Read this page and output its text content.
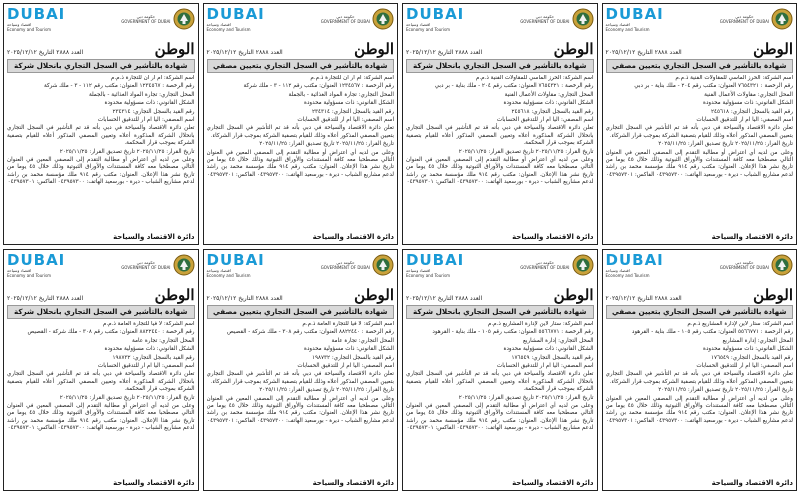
DUBAI
اقتصاد وسياحة
Economy and Tourism
حكومة دبي
GOVERNMENT OF DUBAI
الوطن
العدد ٢٨٨٨ التاريخ ٢٠٢٥/١٢/١٢
شهادة بالتأشير في السجل التجاري بانحلال شركة

اسم الشركة: ام ار ان للتجارة ذ.م.م

رقم الرخصة : ١٢٣٤٥٦٧ العنوان: مكتب رقم ١١٢ - ٣ - ملك شركة

المحل التجاري: تجارة المواد الغذائية - بالجملة

الشكل القانوني: ذات مسؤولية محدودة

رقم القيد بالسجل التجاري: ٢٣٤٣١٤

اسم المصفي: اليا ام ار للتدقيق الحسابات

تعلن دائرة الاقتصاد والسياحة في دبي بأنه قد تم التأشير في السجل التجاري بانحلال الشركة المذكورة أعلاه وتعيين المصفي المذكور أعلاه للقيام بتصفية الشركة بموجب قرار المحكمة.

تاريخ القرار: ٢٠٢٥/١١/٢٥ تاريخ تصديق القرار: ٢٠٢٥/١١/٢٥

وعلى من لديه أي اعتراض أو مطالبة التقدم إلى المصفي المعين في العنوان التالي مصطحبا معه كافة المستندات والأوراق الثبوتية وذلك خلال ٤٥ يوما من تاريخ نشر هذا الإعلان. العنوان: مكتب رقم ٩١٤ ملك مؤسسة محمد بن راشد لدعم مشاريع الشباب - ديرة - بورسعيد الهاتف: ٠٤٣٩٥٧٣٠٠ الفاكس: ٠٤٣٩٥٧٣٠١

دائرة الاقتصاد والسياحة
DUBAI
اقتصاد وسياحة
Economy and Tourism
حكومة دبي
GOVERNMENT OF DUBAI
الوطن
العدد ٢٨٨٨ التاريخ ٢٠٢٥/١٢/١٢
شهادة بالتأشير في السجل التجاري بتعيين مصفي

اسم الشركة: ام ار ان للتجارة ذ.م.م

رقم الرخصة : ١٢٣٤٥٦٧ العنوان: مكتب رقم ١١٢ - ٣ - ملك شركة

المحل التجاري: تجارة المواد الغذائية - بالجملة

الشكل القانوني: ذات مسؤولية محدودة

رقم القيد بالسجل التجاري: ٢٣٤٣١٤

اسم المصفي: اليا ام ار للتدقيق الحسابات

تعلن دائرة الاقتصاد والسياحة في دبي بأنه قد تم التأشير في السجل التجاري بتعيين المصفي المذكور أعلاه وذلك للقيام بتصفية الشركة بموجب قرار الشركاء.

تاريخ القرار: ٢٠٢٥/١١/٢٥ تاريخ تصديق القرار: ٢٠٢٥/١١/٢٥

وعلى من لديه أي اعتراض أو مطالبة التقدم إلى المصفي المعين في العنوان التالي مصطحبا معه كافة المستندات والأوراق الثبوتية وذلك خلال ٤٥ يوما من تاريخ نشر هذا الإعلان. العنوان: مكتب رقم ٩١٤ ملك مؤسسة محمد بن راشد لدعم مشاريع الشباب - ديرة - بورسعيد الهاتف: ٠٤٣٩٥٧٣٠٠ الفاكس: ٠٤٣٩٥٧٣٠١

دائرة الاقتصاد والسياحة
DUBAI
اقتصاد وسياحة
Economy and Tourism
حكومة دبي
GOVERNMENT OF DUBAI
الوطن
العدد ٢٨٨٨ التاريخ ٢٠٢٥/١٢/١٢
شهادة بالتأشير في السجل التجاري بانحلال شركة

اسم الشركة: الحرز الماسي للمقاولات الفنية ذ.م.م

رقم الرخصة : ٧٦٥٤٣٢١ العنوان: مكتب رقم ٢٠٤ - ملك بناية - بر دبي

المحل التجاري: مقاولات الأعمال الفنية

الشكل القانوني: ذات مسؤولية محدودة

رقم القيد بالسجل التجاري: ٢٤٥٦١٨

اسم المصفي: اليا ام ار للتدقيق الحسابات

تعلن دائرة الاقتصاد والسياحة في دبي بأنه قد تم التأشير في السجل التجاري بانحلال الشركة المذكورة أعلاه وتعيين المصفي المذكور أعلاه للقيام بتصفية الشركة بموجب قرار المحكمة.

تاريخ القرار: ٢٠٢٥/١١/٢٥ تاريخ تصديق القرار: ٢٠٢٥/١١/٢٥

وعلى من لديه أي اعتراض أو مطالبة التقدم إلى المصفي المعين في العنوان التالي مصطحبا معه كافة المستندات والأوراق الثبوتية وذلك خلال ٤٥ يوما من تاريخ نشر هذا الإعلان. العنوان: مكتب رقم ٩١٤ ملك مؤسسة محمد بن راشد لدعم مشاريع الشباب - ديرة - بورسعيد الهاتف: ٠٤٣٩٥٧٣٠٠ الفاكس: ٠٤٣٩٥٧٣٠١

دائرة الاقتصاد والسياحة
DUBAI
اقتصاد وسياحة
Economy and Tourism
حكومة دبي
GOVERNMENT OF DUBAI
الوطن
العدد ٢٨٨٨ التاريخ ٢٠٢٥/١٢/١٢
شهادة بالتأشير في السجل التجاري بتعيين مصفي

اسم الشركة: الحرز الماسي للمقاولات الفنية ذ.م.م

رقم الرخصة : ٧٦٥٤٣٢١ العنوان: مكتب رقم ٢٠٤ - ملك بناية - بر دبي

المحل التجاري: مقاولات الأعمال الفنية

الشكل القانوني: ذات مسؤولية محدودة

رقم القيد بالسجل التجاري: ٢٤٥٦١٨

اسم المصفي: اليا ام ار للتدقيق الحسابات

تعلن دائرة الاقتصاد والسياحة في دبي بأنه قد تم التأشير في السجل التجاري بتعيين المصفي المذكور أعلاه وذلك للقيام بتصفية الشركة بموجب قرار الشركاء.

تاريخ القرار: ٢٠٢٥/١١/٢٥ تاريخ تصديق القرار: ٢٠٢٥/١١/٢٥

وعلى من لديه أي اعتراض أو مطالبة التقدم إلى المصفي المعين في العنوان التالي مصطحبا معه كافة المستندات والأوراق الثبوتية وذلك خلال ٤٥ يوما من تاريخ نشر هذا الإعلان. العنوان: مكتب رقم ٩١٤ ملك مؤسسة محمد بن راشد لدعم مشاريع الشباب - ديرة - بورسعيد الهاتف: ٠٤٣٩٥٧٣٠٠ الفاكس: ٠٤٣٩٥٧٣٠١

دائرة الاقتصاد والسياحة
DUBAI
اقتصاد وسياحة
Economy and Tourism
حكومة دبي
GOVERNMENT OF DUBAI
الوطن
العدد ٢٨٨٨ التاريخ ٢٠٢٥/١٢/١٢
شهادة بالتأشير في السجل التجاري بانحلال شركة

اسم الشركة: لا فيا للتجارة العامة ذ.م.م

رقم الرخصة : ٨٨٢٢٤٤٠ العنوان: مكتب رقم ٣٠٨ - ملك شركة - القصيص

المحل التجاري: تجارة عامة

الشكل القانوني: ذات مسؤولية محدودة

رقم القيد بالسجل التجاري: ١٩٨٧٣٢

اسم المصفي: اليا ام ار للتدقيق الحسابات

تعلن دائرة الاقتصاد والسياحة في دبي بأنه قد تم التأشير في السجل التجاري بانحلال الشركة المذكورة أعلاه وتعيين المصفي المذكور أعلاه للقيام بتصفية الشركة بموجب قرار المحكمة.

تاريخ القرار: ٢٠٢٥/١١/٢٥ تاريخ تصديق القرار: ٢٠٢٥/١١/٢٥

وعلى من لديه أي اعتراض أو مطالبة التقدم إلى المصفي المعين في العنوان التالي مصطحبا معه كافة المستندات والأوراق الثبوتية وذلك خلال ٤٥ يوما من تاريخ نشر هذا الإعلان. العنوان: مكتب رقم ٩١٤ ملك مؤسسة محمد بن راشد لدعم مشاريع الشباب - ديرة - بورسعيد الهاتف: ٠٤٣٩٥٧٣٠٠ الفاكس: ٠٤٣٩٥٧٣٠١

دائرة الاقتصاد والسياحة
DUBAI
اقتصاد وسياحة
Economy and Tourism
حكومة دبي
GOVERNMENT OF DUBAI
الوطن
العدد ٢٨٨٨ التاريخ ٢٠٢٥/١٢/١٢
شهادة بالتأشير في السجل التجاري بتعيين مصفي

اسم الشركة: لا فيا للتجارة العامة ذ.م.م

رقم الرخصة : ٨٨٢٢٤٤٠ العنوان: مكتب رقم ٣٠٨ - ملك شركة - القصيص

المحل التجاري: تجارة عامة

الشكل القانوني: ذات مسؤولية محدودة

رقم القيد بالسجل التجاري: ١٩٨٧٣٢

اسم المصفي: اليا ام ار للتدقيق الحسابات

تعلن دائرة الاقتصاد والسياحة في دبي بأنه قد تم التأشير في السجل التجاري بتعيين المصفي المذكور أعلاه وذلك للقيام بتصفية الشركة بموجب قرار الشركاء.

تاريخ القرار: ٢٠٢٥/١١/٢٥ تاريخ تصديق القرار: ٢٠٢٥/١١/٢٥

وعلى من لديه أي اعتراض أو مطالبة التقدم إلى المصفي المعين في العنوان التالي مصطحبا معه كافة المستندات والأوراق الثبوتية وذلك خلال ٤٥ يوما من تاريخ نشر هذا الإعلان. العنوان: مكتب رقم ٩١٤ ملك مؤسسة محمد بن راشد لدعم مشاريع الشباب - ديرة - بورسعيد الهاتف: ٠٤٣٩٥٧٣٠٠ الفاكس: ٠٤٣٩٥٧٣٠١

دائرة الاقتصاد والسياحة
DUBAI
اقتصاد وسياحة
Economy and Tourism
حكومة دبي
GOVERNMENT OF DUBAI
الوطن
العدد ٢٨٨٨ التاريخ ٢٠٢٥/١٢/١٢
شهادة بالتأشير في السجل التجاري بانحلال شركة

اسم الشركة: ستار لاين لإدارة المشاريع ذ.م.م

رقم الرخصة : ٥٥٦٦٧٧١ العنوان: مكتب رقم ١٠٥ - ملك بناية - القرهود

المحل التجاري: إدارة المشاريع

الشكل القانوني: ذات مسؤولية محدودة

رقم القيد بالسجل التجاري: ١٧٦٥٤٩

اسم المصفي: اليا ام ار للتدقيق الحسابات

تعلن دائرة الاقتصاد والسياحة في دبي بأنه قد تم التأشير في السجل التجاري بانحلال الشركة المذكورة أعلاه وتعيين المصفي المذكور أعلاه للقيام بتصفية الشركة بموجب قرار المحكمة.

تاريخ القرار: ٢٠٢٥/١١/٢٥ تاريخ تصديق القرار: ٢٠٢٥/١١/٢٥

وعلى من لديه أي اعتراض أو مطالبة التقدم إلى المصفي المعين في العنوان التالي مصطحبا معه كافة المستندات والأوراق الثبوتية وذلك خلال ٤٥ يوما من تاريخ نشر هذا الإعلان. العنوان: مكتب رقم ٩١٤ ملك مؤسسة محمد بن راشد لدعم مشاريع الشباب - ديرة - بورسعيد الهاتف: ٠٤٣٩٥٧٣٠٠ الفاكس: ٠٤٣٩٥٧٣٠١

دائرة الاقتصاد والسياحة
DUBAI
اقتصاد وسياحة
Economy and Tourism
حكومة دبي
GOVERNMENT OF DUBAI
الوطن
العدد ٢٨٨٨ التاريخ ٢٠٢٥/١٢/١٢
شهادة بالتأشير في السجل التجاري بتعيين مصفي

اسم الشركة: ستار لاين لإدارة المشاريع ذ.م.م

رقم الرخصة : ٥٥٦٦٧٧١ العنوان: مكتب رقم ١٠٥ - ملك بناية - القرهود

المحل التجاري: إدارة المشاريع

الشكل القانوني: ذات مسؤولية محدودة

رقم القيد بالسجل التجاري: ١٧٦٥٤٩

اسم المصفي: اليا ام ار للتدقيق الحسابات

تعلن دائرة الاقتصاد والسياحة في دبي بأنه قد تم التأشير في السجل التجاري بتعيين المصفي المذكور أعلاه وذلك للقيام بتصفية الشركة بموجب قرار الشركاء.

تاريخ القرار: ٢٠٢٥/١١/٢٥ تاريخ تصديق القرار: ٢٠٢٥/١١/٢٥

وعلى من لديه أي اعتراض أو مطالبة التقدم إلى المصفي المعين في العنوان التالي مصطحبا معه كافة المستندات والأوراق الثبوتية وذلك خلال ٤٥ يوما من تاريخ نشر هذا الإعلان. العنوان: مكتب رقم ٩١٤ ملك مؤسسة محمد بن راشد لدعم مشاريع الشباب - ديرة - بورسعيد الهاتف: ٠٤٣٩٥٧٣٠٠ الفاكس: ٠٤٣٩٥٧٣٠١

دائرة الاقتصاد والسياحة
